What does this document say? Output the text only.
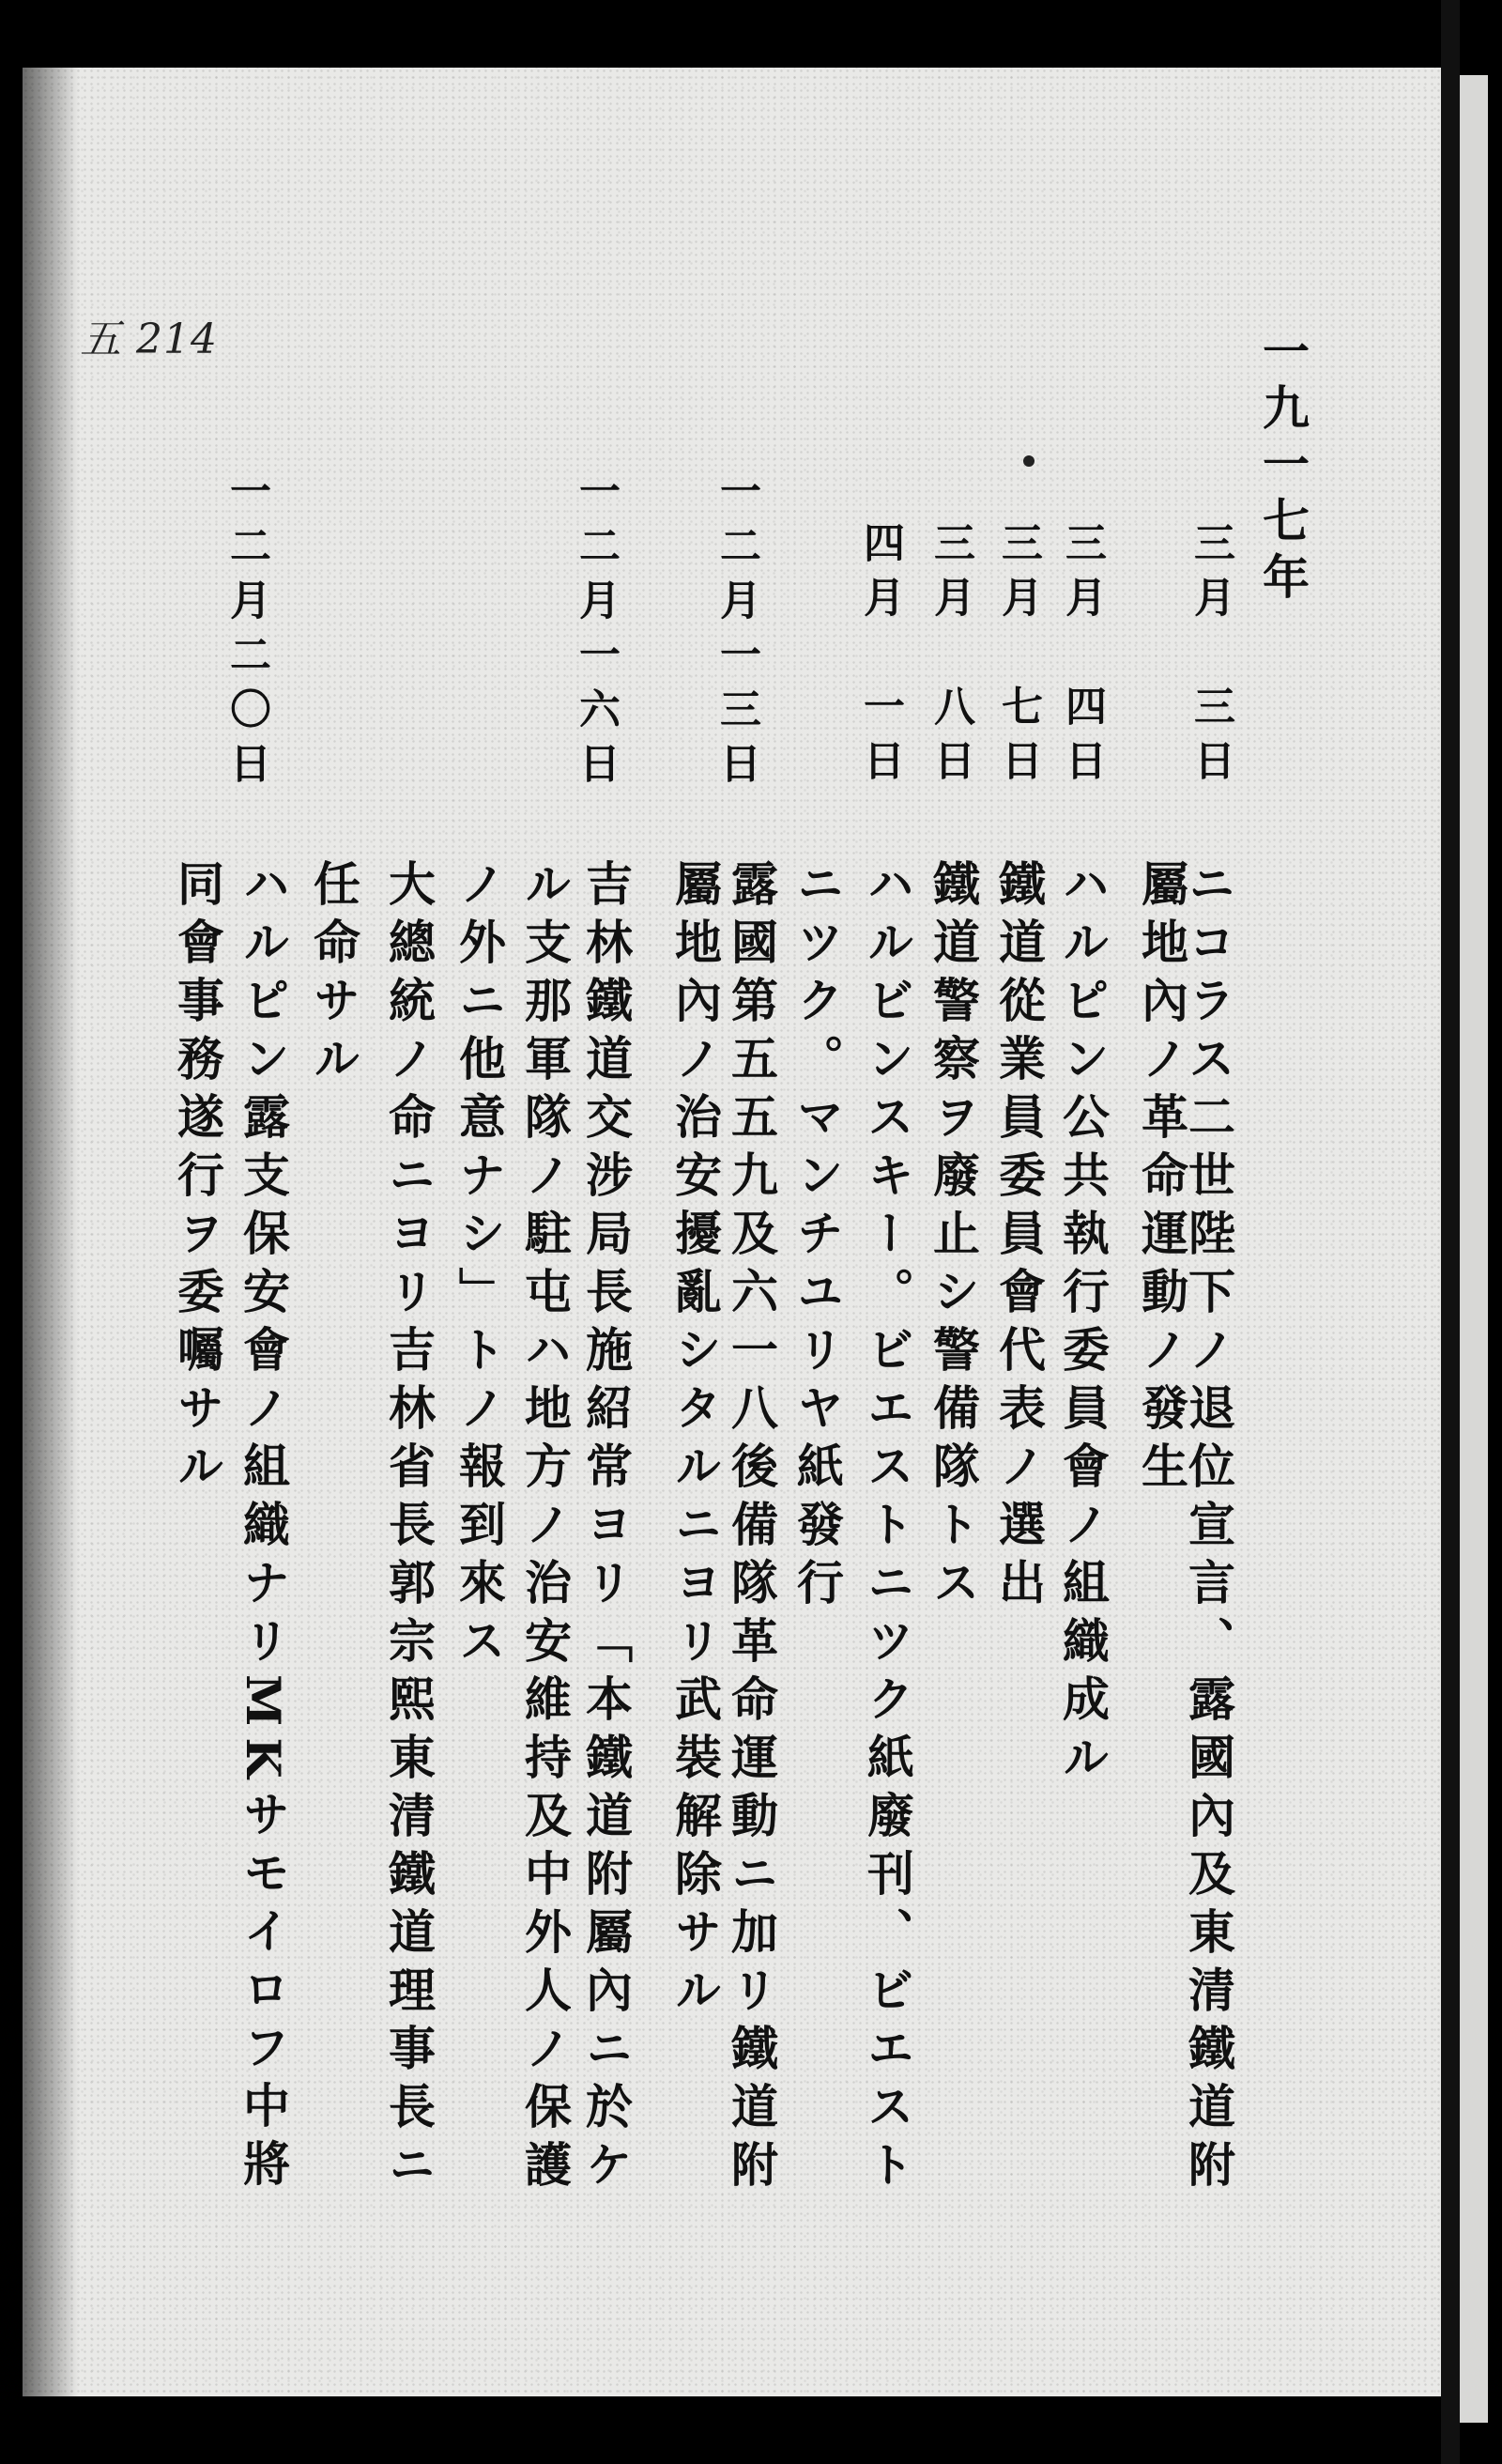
五 214	一九一七年
三月　三日
ニコラス二世陛下ノ退位宣言、露國內及東清鐵道附
屬地內ノ革命運動ノ發生
三月　四日
ハルピン公共執行委員會ノ組織成ル
三月　七日
鐵道從業員委員會代表ノ選出
三月　八日
鐵道警察ヲ廢止シ警備隊トス
四月　一日
ハルビンスキー。ビエストニツク紙廢刊、ビエスト
ニツク。マンチユリヤ紙發行
一二月一三日
露國第五五九及六一八後備隊革命運動ニ加リ鐵道附
屬地內ノ治安擾亂シタルニヨリ武裝解除サル
一二月一六日
吉林鐵道交涉局長施紹常ヨリ「本鐵道附屬內ニ於ケ
ル支那軍隊ノ駐屯ハ地方ノ治安維持及中外人ノ保護
ノ外ニ他意ナシ」トノ報到來ス
大總統ノ命ニヨリ吉林省長郭宗熙東清鐵道理事長ニ
任命サル
一二月二〇日
ハルピン露支保安會ノ組織ナリMKサモイロフ中將
同會事務遂行ヲ委囑サル
